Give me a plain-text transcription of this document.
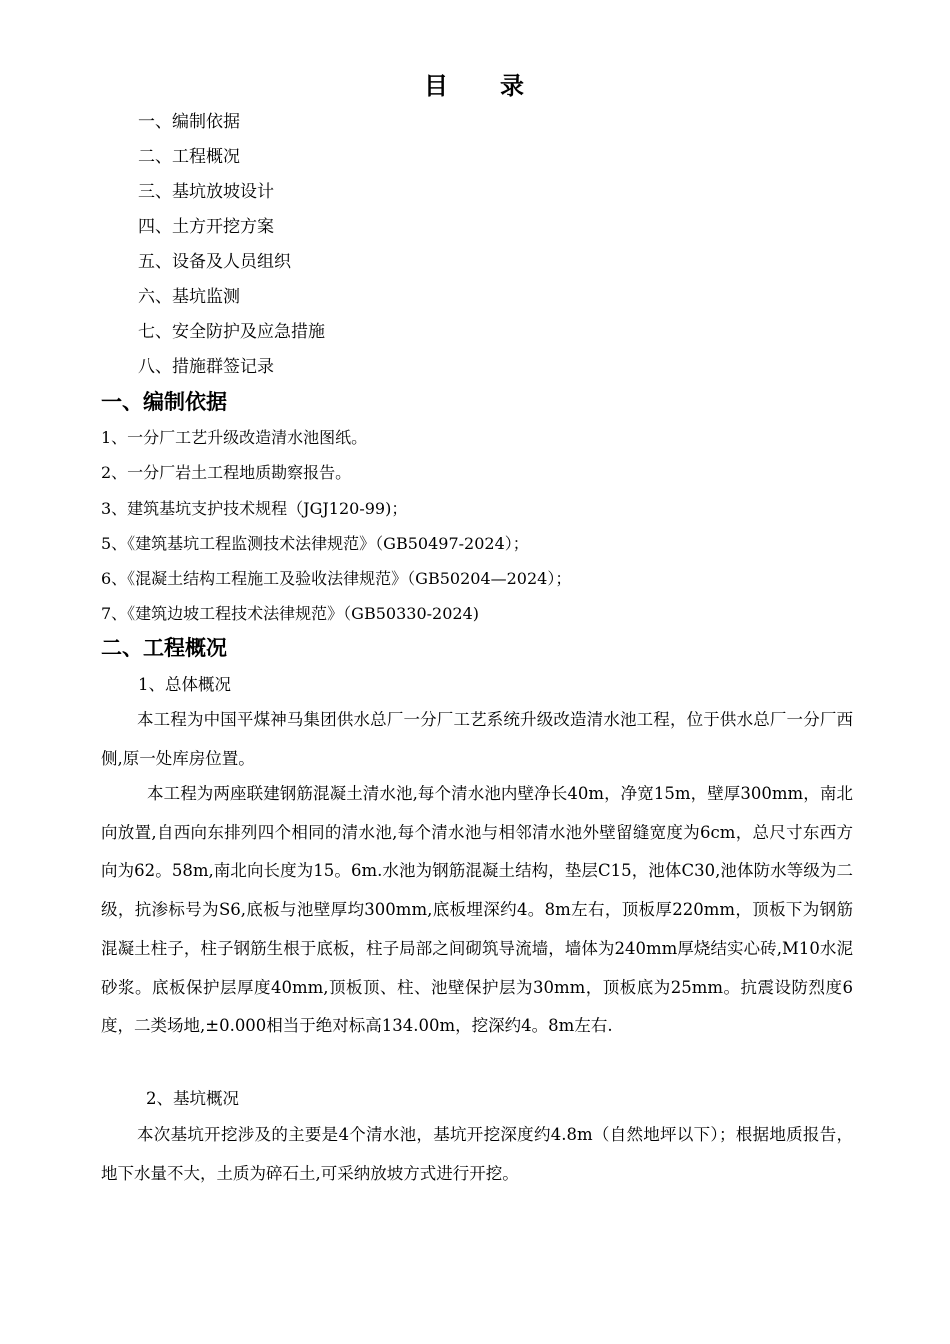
目 录
一、编制依据
二、工程概况
三、基坑放坡设计
四、土方开挖方案
五、设备及人员组织
六、基坑监测
七、安全防护及应急措施
八、措施群签记录
一、编制依据
1、一分厂工艺升级改造清水池图纸。
2、一分厂岩土工程地质勘察报告。
3、建筑基坑支护技术规程（JGJ120-99)；
5、《建筑基坑工程监测技术法律规范》（GB50497-2024）；
6、《混凝土结构工程施工及验收法律规范》（GB50204—2024）；
7、《建筑边坡工程技术法律规范》（GB50330-2024)
二、工程概况

1、总体概况

本工程为中国平煤神马集团供水总厂一分厂工艺系统升级改造清水池工程，位于供水总厂一分厂西侧,原一处库房位置。

本工程为两座联建钢筋混凝土清水池,每个清水池内壁净长40m，净宽15m，壁厚300mm，南北向放置,自西向东排列四个相同的清水池,每个清水池与相邻清水池外壁留缝宽度为6cm，总尺寸东西方向为62。58m,南北向长度为15。6m.水池为钢筋混凝土结构，垫层C15，池体C30,池体防水等级为二级，抗渗标号为S6,底板与池壁厚均300mm,底板埋深约4。8m左右，顶板厚220mm，顶板下为钢筋混凝土柱子，柱子钢筋生根于底板，柱子局部之间砌筑导流墙，墙体为240mm厚烧结实心砖,M10水泥砂浆。底板保护层厚度40mm,顶板顶、柱、池壁保护层为30mm，顶板底为25mm。抗震设防烈度6度，二类场地,±0.000相当于绝对标高134.00m，挖深约4。8m左右.

2、基坑概况

本次基坑开挖涉及的主要是4个清水池，基坑开挖深度约4.8m（自然地坪以下）；根据地质报告，地下水量不大，土质为碎石土,可采纳放坡方式进行开挖。
